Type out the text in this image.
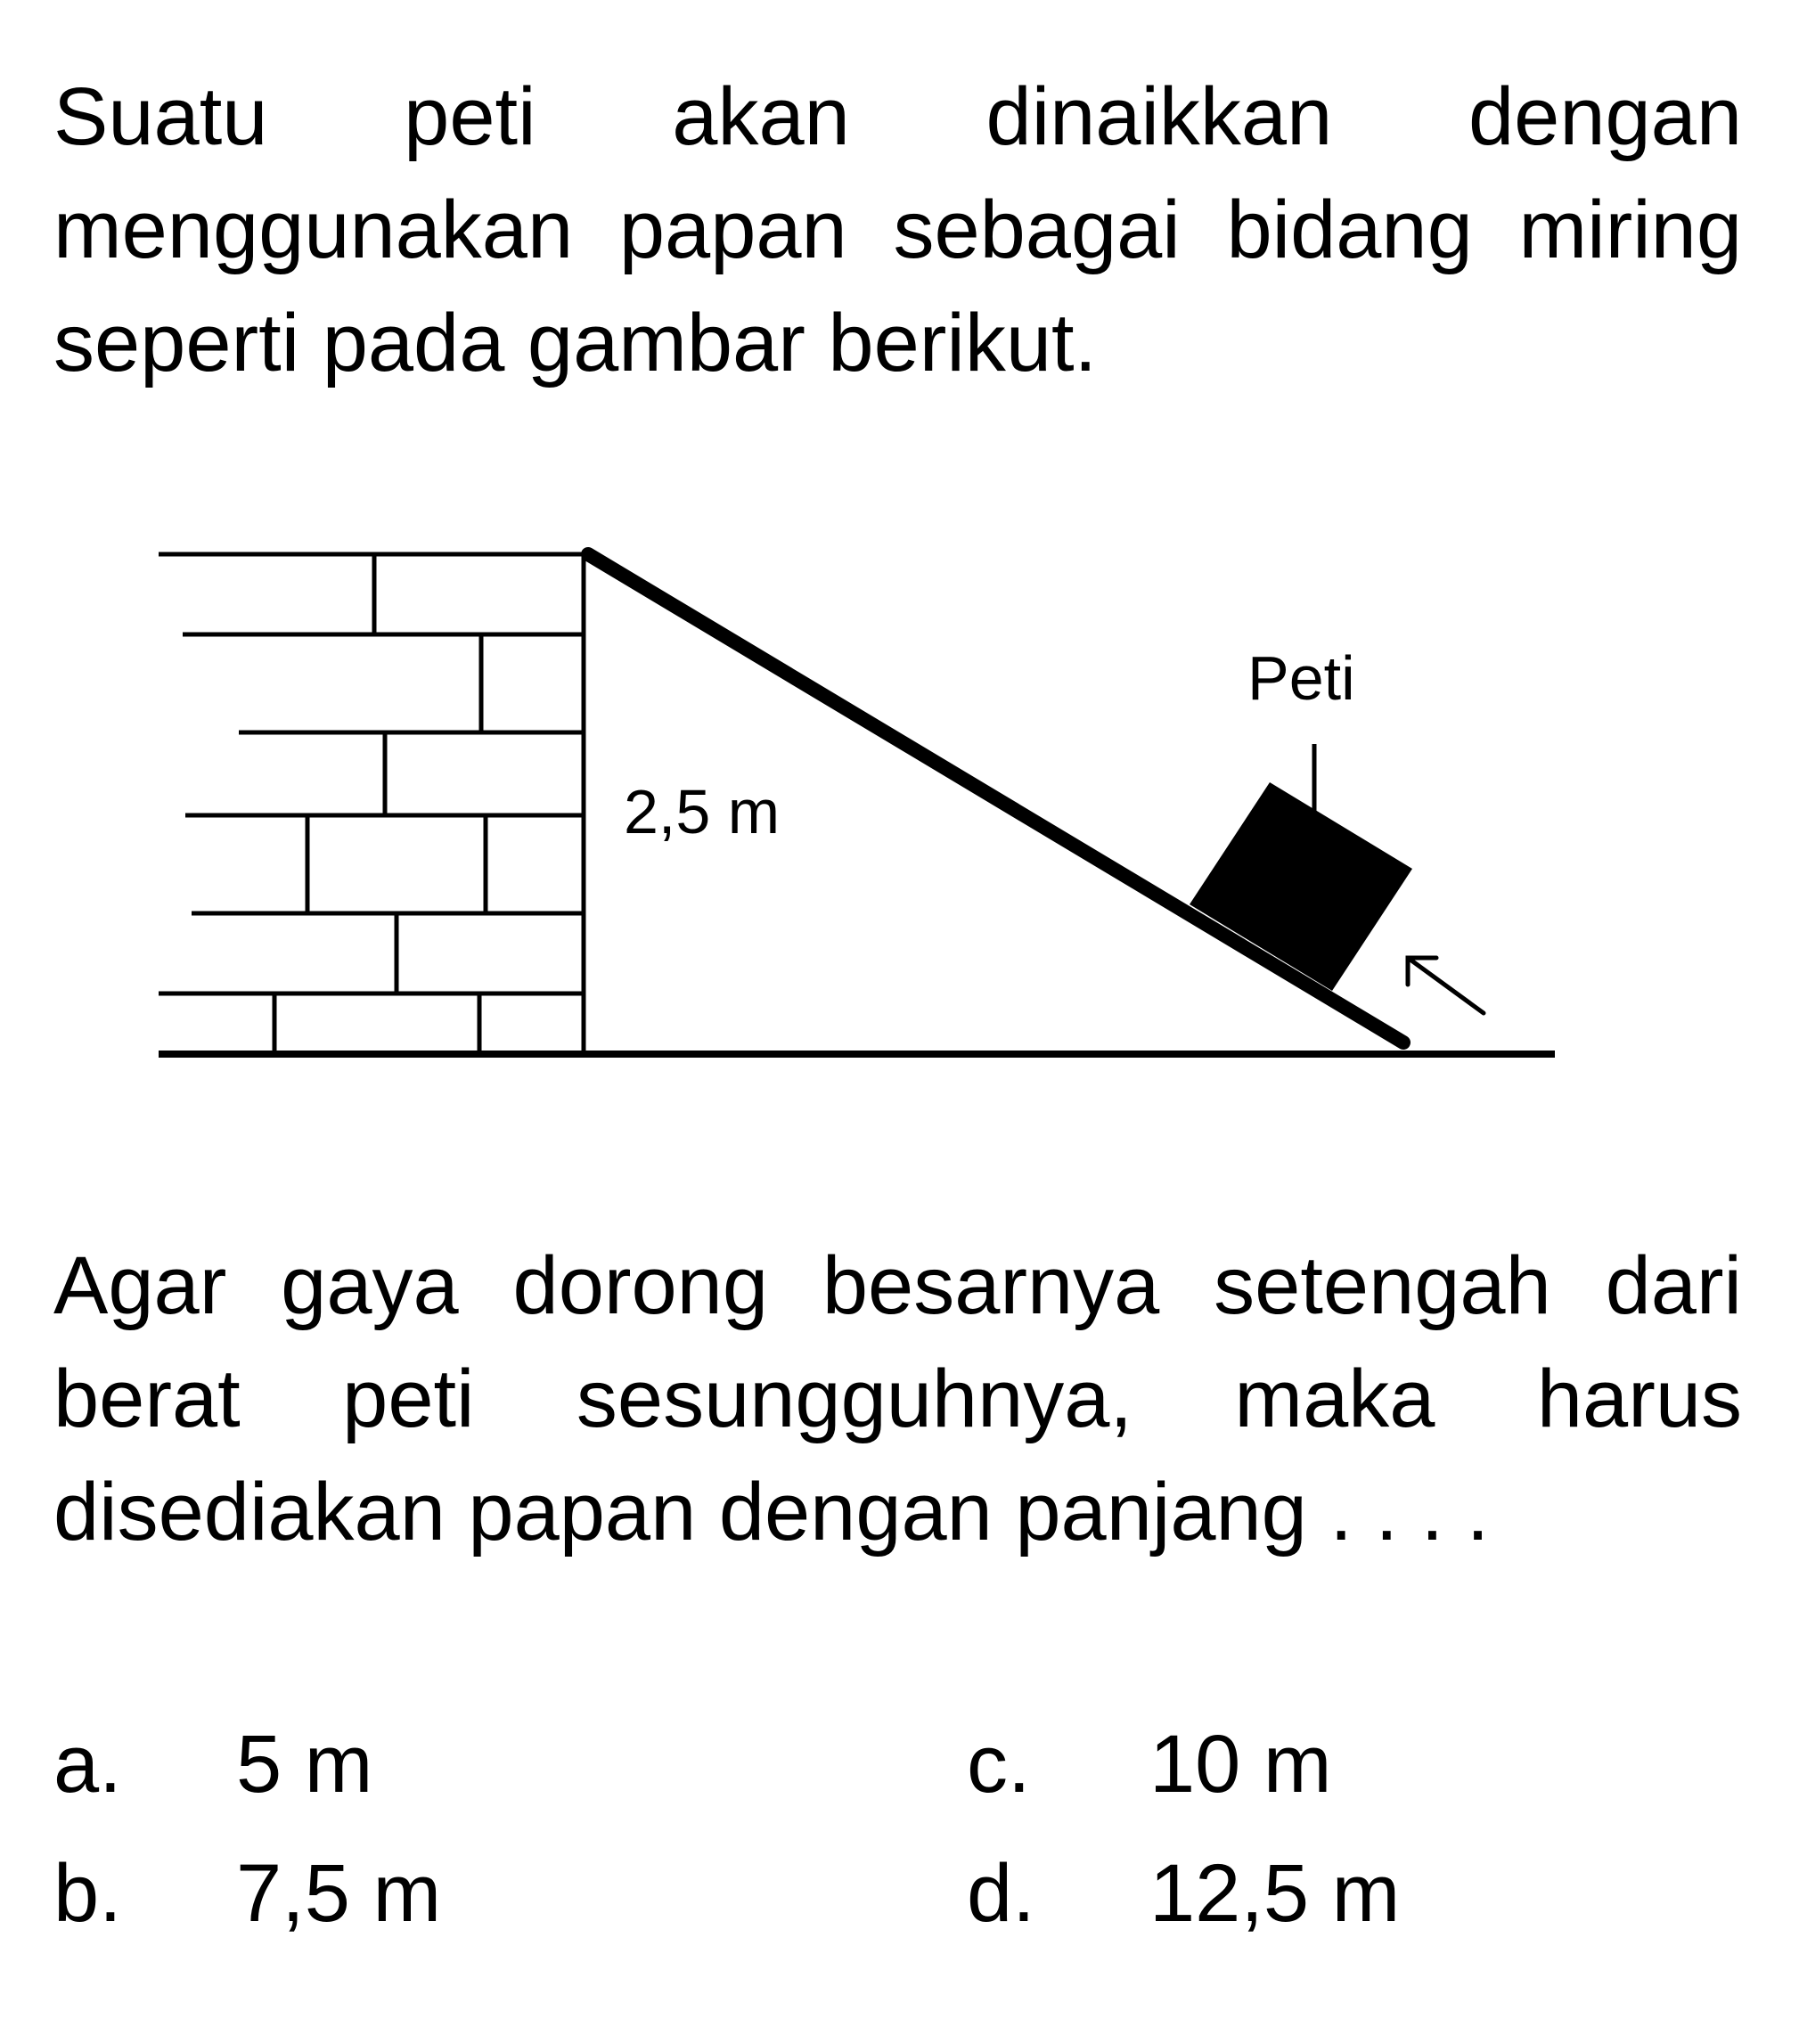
Suatu peti akan dinaikkan dengan menggunakan papan sebagai bidang miring seperti pada gambar berikut.

2,5 m
Peti

Agar gaya dorong besarnya setengah dari berat peti sesungguhnya, maka harus disediakan papan dengan panjang . . . .

a. 5 m
b. 7,5 m
c. 10 m
d. 12,5 m
